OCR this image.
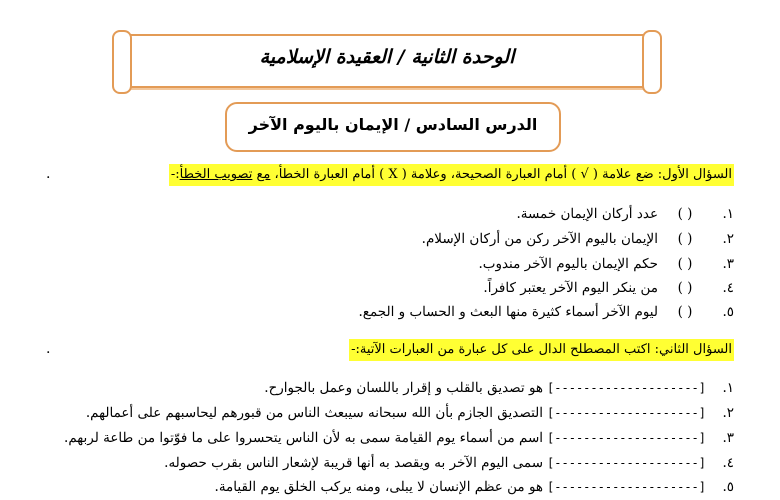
الوحدة الثانية / العقيدة الإسلامية
الدرس السادس / الإيمان باليوم الآخر
السؤال الأول: ضع علامة ( √ ) أمام العبارة الصحيحة، وعلامة ( X ) أمام العبارة الخطأ، مع تصويب الخطأ:-
.
١.( )عدد أركان الإيمان خمسة.
٢.( )الإيمان باليوم الآخر ركن من أركان الإسلام.
٣.( )حكم الإيمان باليوم الآخر مندوب.
٤.( )من ينكر اليوم الآخر يعتبر كافراً.
٥.( )ليوم الآخر أسماء كثيرة منها البعث و الحساب و الجمع.
السؤال الثاني: اكتب المصطلح الدال على كل عبارة من العبارات الآتية:-
.
١.[--------------------]هو تصديق بالقلب و إقرار باللسان وعمل بالجوارح.
٢.[--------------------]التصديق الجازم بأن الله سبحانه سيبعث الناس من قبورهم ليحاسبهم على أعمالهم.
٣.[--------------------]اسم من أسماء يوم القيامة سمى به لأن الناس يتحسروا على ما فوّتوا من طاعة لربهم.
٤.[--------------------]سمى اليوم الآخر به ويقصد به أنها قريبة لإشعار الناس بقرب حصوله.
٥.[--------------------]هو من عظم الإنسان لا يبلى، ومنه يركب الخلق يوم القيامة.
